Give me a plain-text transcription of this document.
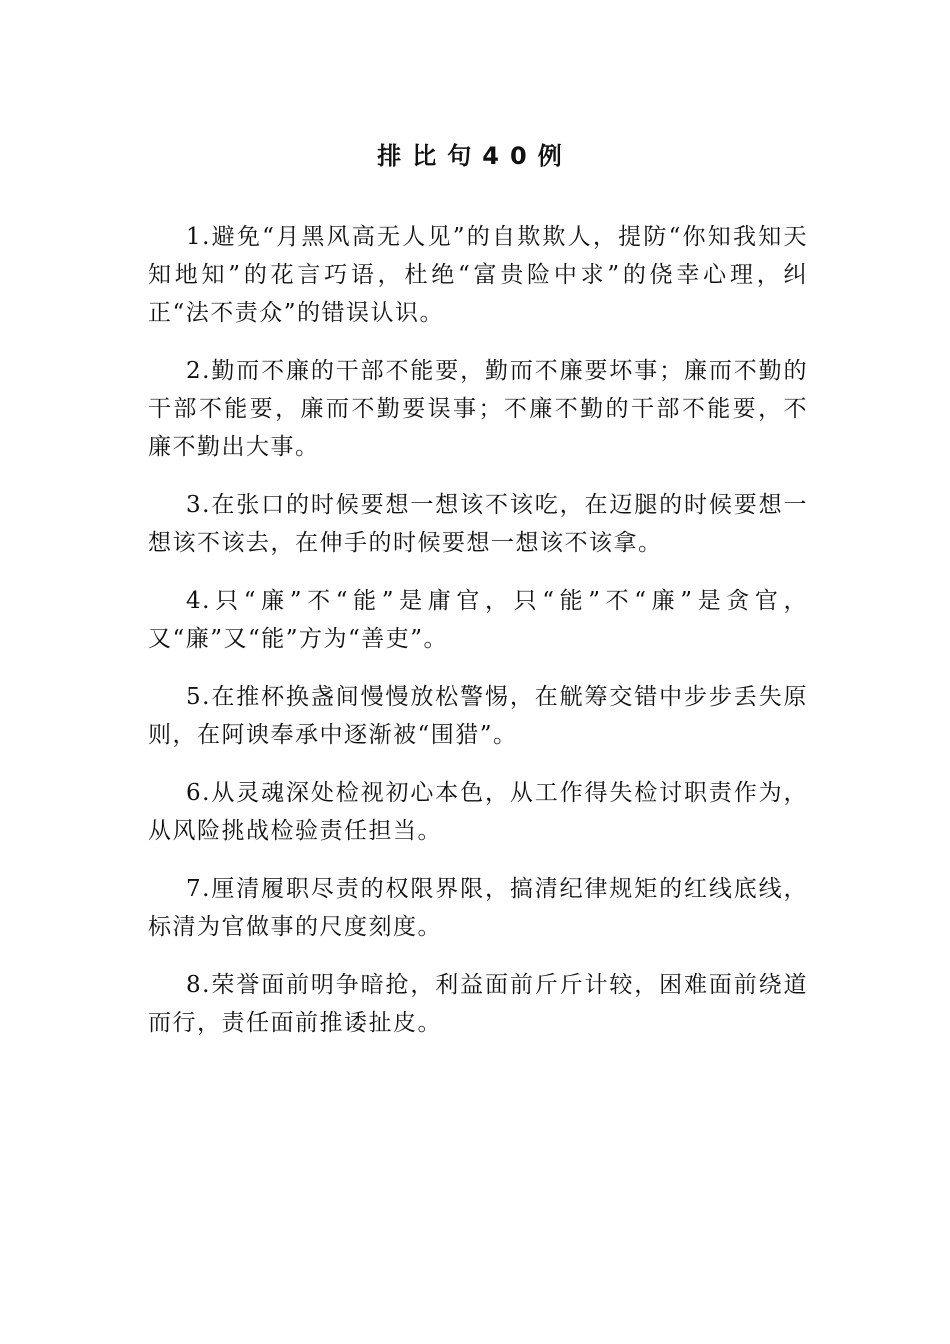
排比句40例

1.避免“月黑风高无人见”的自欺欺人，提防“你知我知天知地知”的花言巧语，杜绝“富贵险中求”的侥幸心理，纠正“法不责众”的错误认识。

2.勤而不廉的干部不能要，勤而不廉要坏事；廉而不勤的干部不能要，廉而不勤要误事；不廉不勤的干部不能要，不廉不勤出大事。

3.在张口的时候要想一想该不该吃，在迈腿的时候要想一想该不该去，在伸手的时候要想一想该不该拿。

4.只“廉”不“能”是庸官，只“能”不“廉”是贪官，又“廉”又“能”方为“善吏”。

5.在推杯换盏间慢慢放松警惕，在觥筹交错中步步丢失原则，在阿谀奉承中逐渐被“围猎”。

6.从灵魂深处检视初心本色，从工作得失检讨职责作为，从风险挑战检验责任担当。

7.厘清履职尽责的权限界限，搞清纪律规矩的红线底线，标清为官做事的尺度刻度。

8.荣誉面前明争暗抢，利益面前斤斤计较，困难面前绕道而行，责任面前推诿扯皮。
